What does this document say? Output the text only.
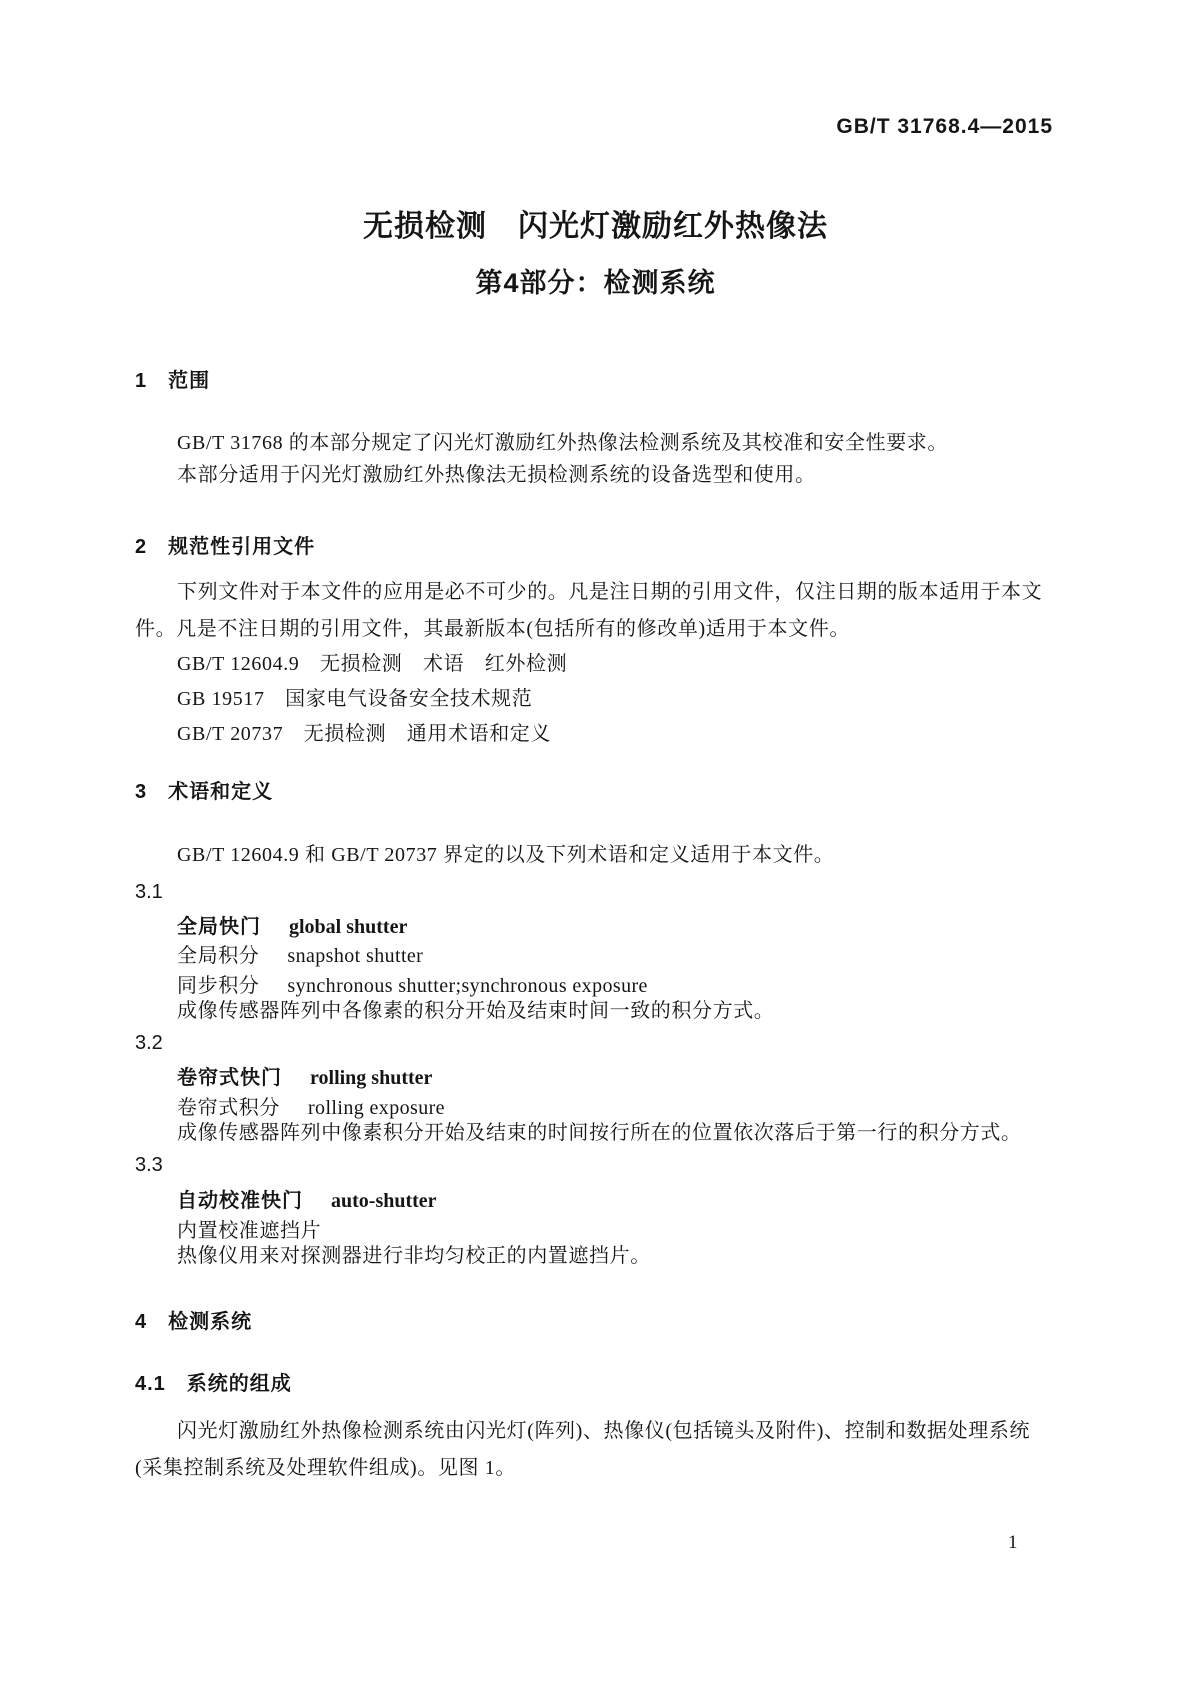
GB/T 31768.4—2015
无损检测　闪光灯激励红外热像法
第4部分：检测系统
1　范围
GB/T 31768 的本部分规定了闪光灯激励红外热像法检测系统及其校准和安全性要求。
本部分适用于闪光灯激励红外热像法无损检测系统的设备选型和使用。
2　规范性引用文件
下列文件对于本文件的应用是必不可少的。凡是注日期的引用文件，仅注日期的版本适用于本文
件。凡是不注日期的引用文件，其最新版本(包括所有的修改单)适用于本文件。
GB/T 12604.9　无损检测　术语　红外检测
GB 19517　国家电气设备安全技术规范
GB/T 20737　无损检测　通用术语和定义
3　术语和定义
GB/T 12604.9 和 GB/T 20737 界定的以及下列术语和定义适用于本文件。
3.1
全局快门 global shutter
全局积分 snapshot shutter
同步积分 synchronous shutter;synchronous exposure
成像传感器阵列中各像素的积分开始及结束时间一致的积分方式。
3.2
卷帘式快门 rolling shutter
卷帘式积分 rolling exposure
成像传感器阵列中像素积分开始及结束的时间按行所在的位置依次落后于第一行的积分方式。
3.3
自动校准快门 auto-shutter
内置校准遮挡片
热像仪用来对探测器进行非均匀校正的内置遮挡片。
4　检测系统
4.1　系统的组成
闪光灯激励红外热像检测系统由闪光灯(阵列)、热像仪(包括镜头及附件)、控制和数据处理系统
(采集控制系统及处理软件组成)。见图 1。
1
